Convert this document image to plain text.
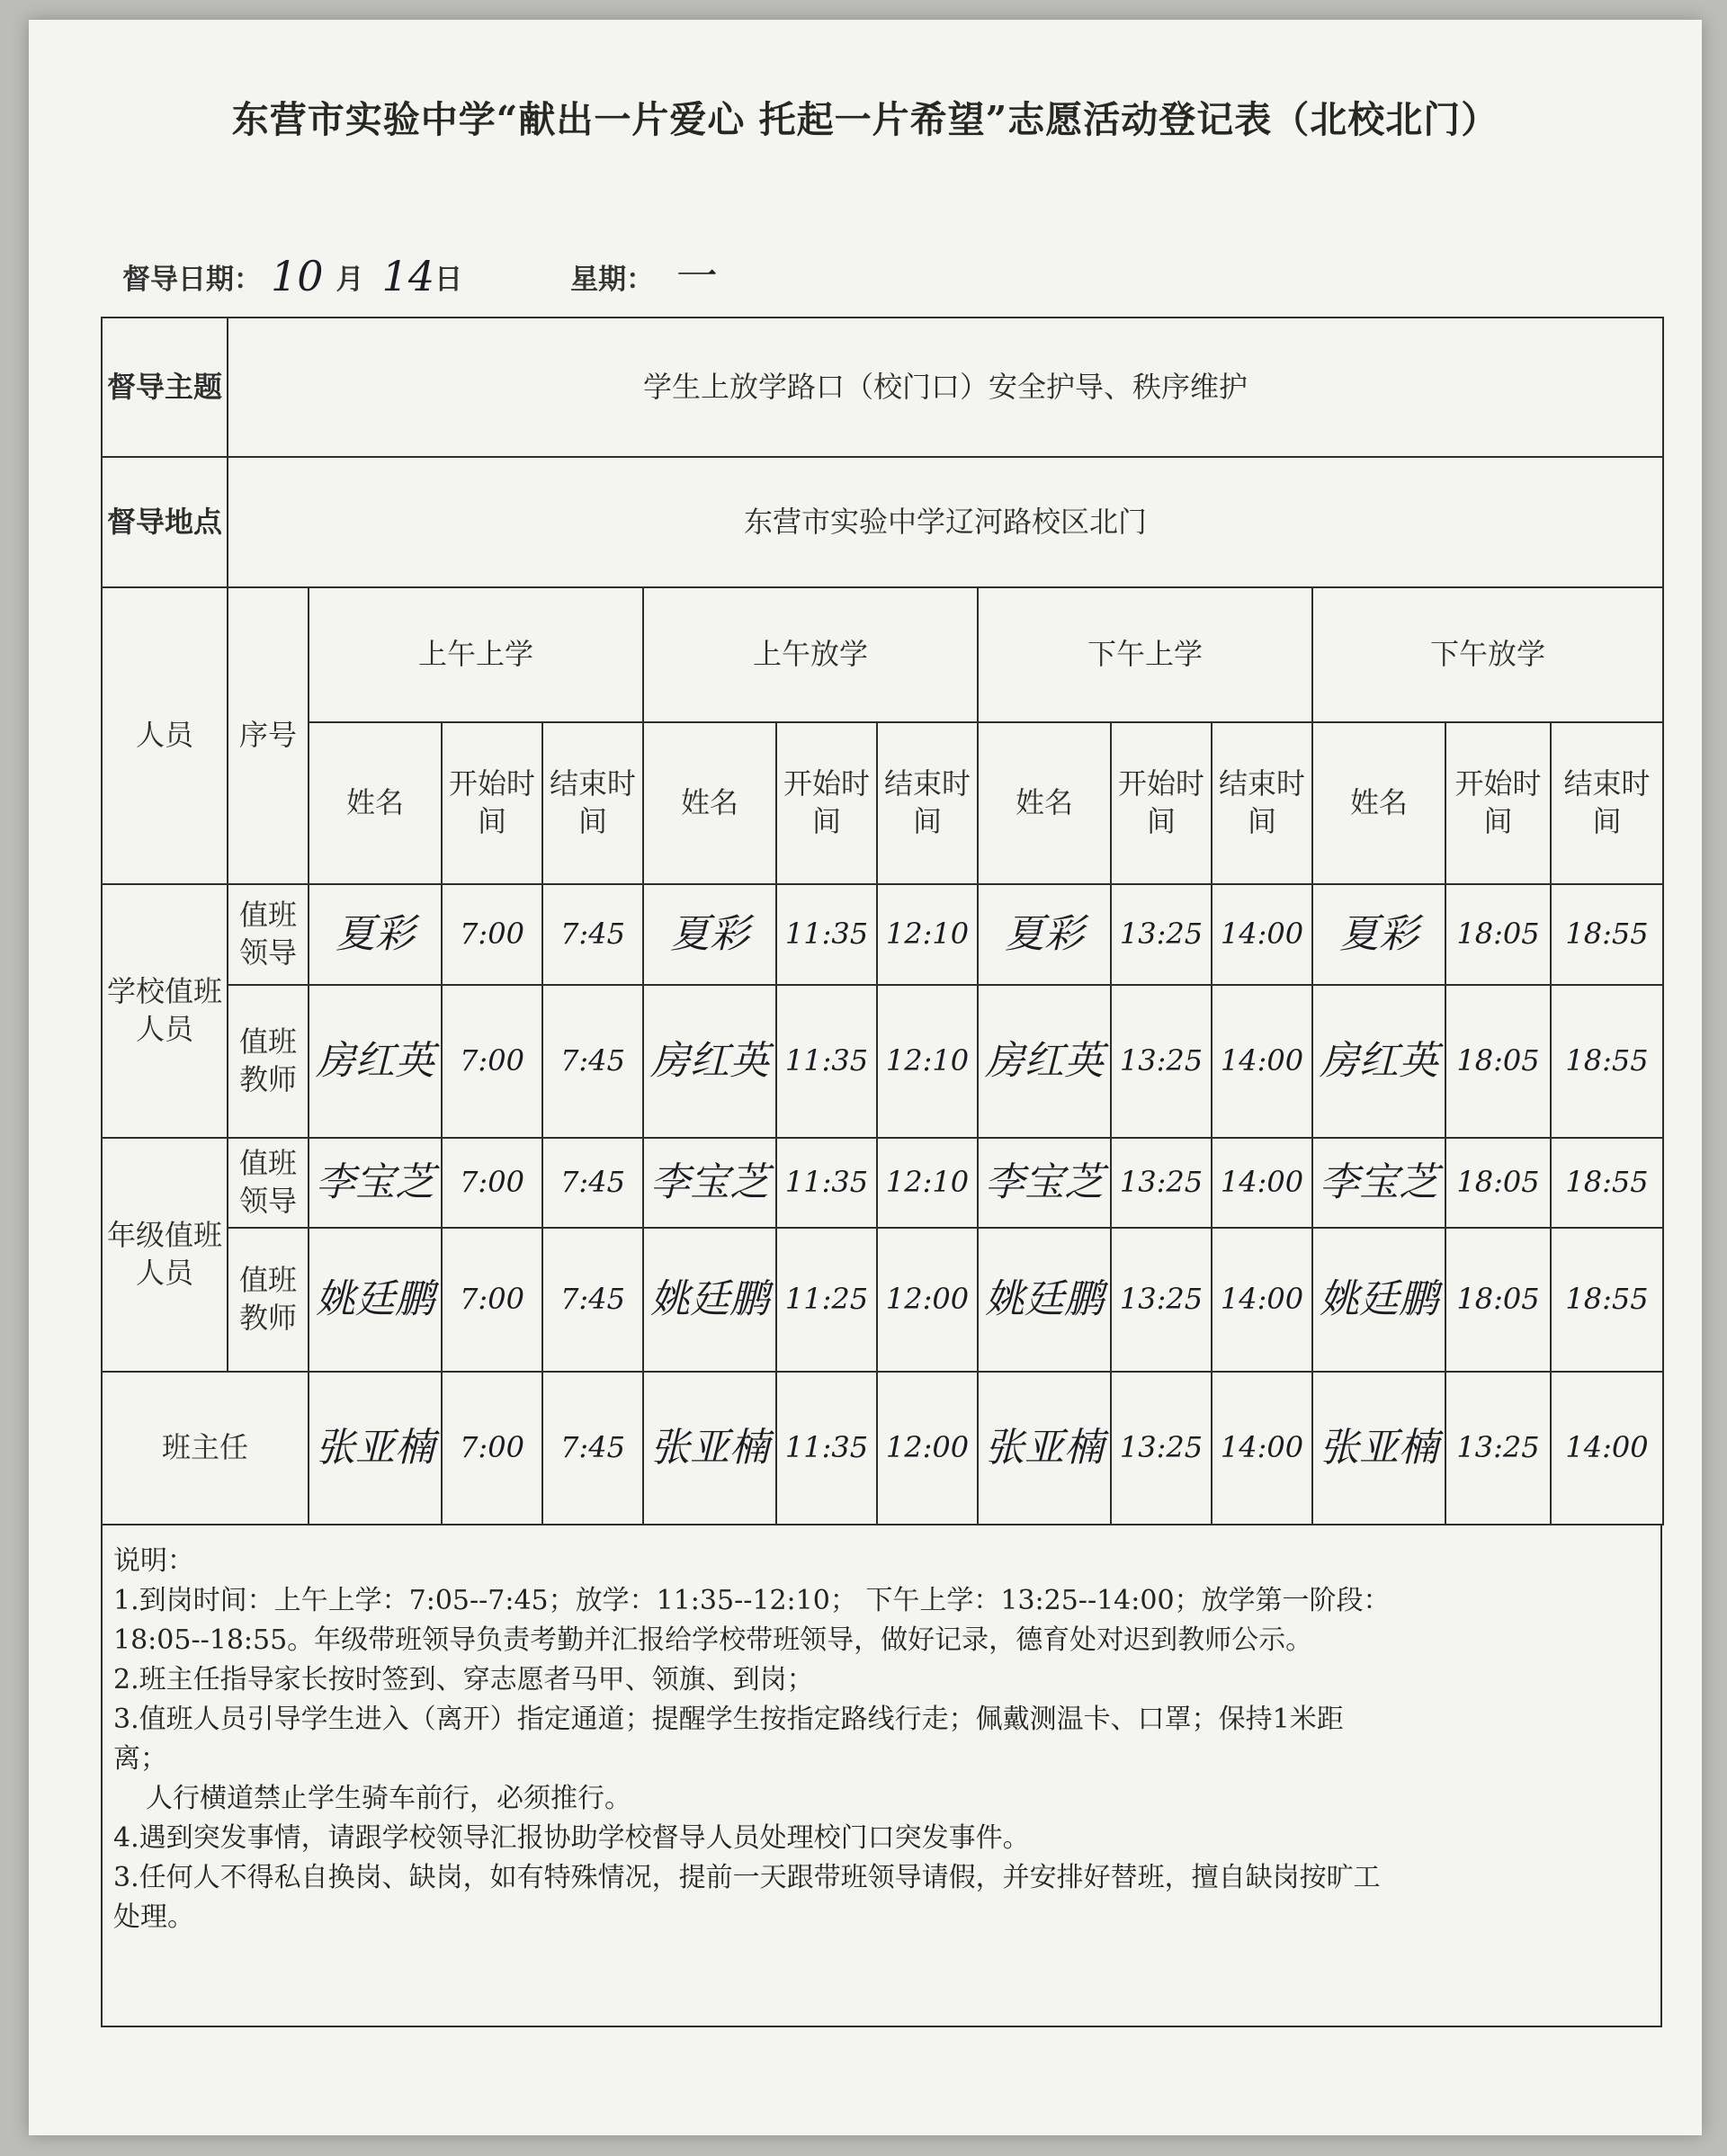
东营市实验中学“献出一片爱心 托起一片希望”志愿活动登记表（北校北门）
督导日期： 10 月 14 日	星期： 一
督导主题	学生上放学路口（校门口）安全护导、秩序维护												
督导地点	东营市实验中学辽河路校区北门												
人员	序号	上午上学			上午放学			下午上学			下午放学		
		姓名	开始时间	结束时间	姓名	开始时间	结束时间	姓名	开始时间	结束时间	姓名	开始时间	结束时间
学校值班人员	值班领导	夏彩	7:00	7:45	夏彩	11:35	12:10	夏彩	13:25	14:00	夏彩	18:05	18:55
	值班教师	房红英	7:00	7:45	房红英	11:35	12:10	房红英	13:25	14:00	房红英	18:05	18:55
年级值班人员	值班领导	李宝芝	7:00	7:45	李宝芝	11:35	12:10	李宝芝	13:25	14:00	李宝芝	18:05	18:55
	值班教师	姚廷鹏	7:00	7:45	姚廷鹏	11:25	12:00	姚廷鹏	13:25	14:00	姚廷鹏	18:05	18:55
班主任		张亚楠	7:00	7:45	张亚楠	11:35	12:00	张亚楠	13:25	14:00	张亚楠	13:25	14:00

说明：

1.到岗时间：上午上学：7:05--7:45；放学：11:35--12:10； 下午上学：13:25--14:00；放学第一阶段：

18:05--18:55。年级带班领导负责考勤并汇报给学校带班领导，做好记录，德育处对迟到教师公示。

2.班主任指导家长按时签到、穿志愿者马甲、领旗、到岗；

3.值班人员引导学生进入（离开）指定通道；提醒学生按指定路线行走；佩戴测温卡、口罩；保持1米距

离；

人行横道禁止学生骑车前行，必须推行。

4.遇到突发事情，请跟学校领导汇报协助学校督导人员处理校门口突发事件。

3.任何人不得私自换岗、缺岗，如有特殊情况，提前一天跟带班领导请假，并安排好替班，擅自缺岗按旷工

处理。
